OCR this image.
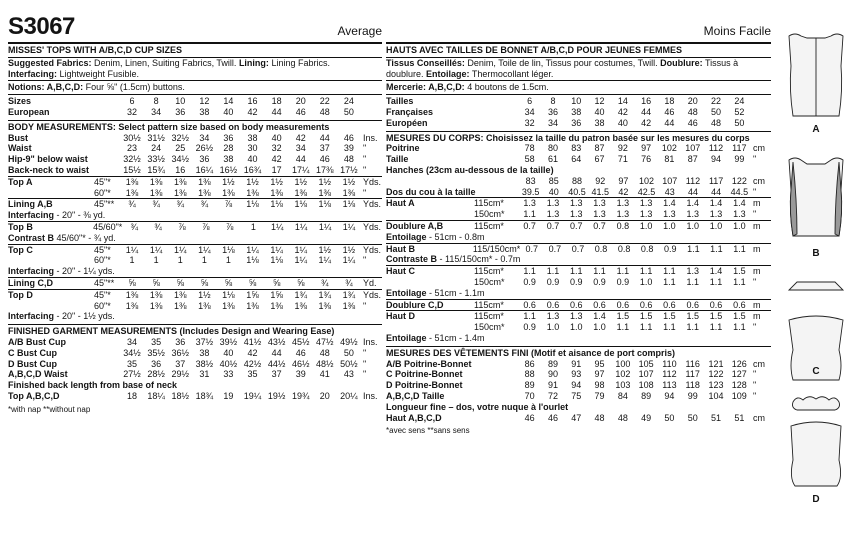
S3067	Average
MISSES' TOPS WITH A/B,C,D CUP SIZES
Suggested Fabrics: Denim, Linen, Suiting Fabrics, Twill. Lining: Lining Fabrics.
Interfacing: Lightweight Fusible.
Notions: A,B,C,D: Four ⅝" (1.5cm) buttons.
Sizes		6	8	10	12	14	16	18	20	22	24	
European		32	34	36	38	40	42	44	46	48	50	
BODY MEASUREMENTS: Select pattern size based on body measurements
Bust		30½	31½	32½	34	36	38	40	42	44	46	Ins.
Waist		23	24	25	26½	28	30	32	34	37	39	"
Hip-9" below waist		32½	33½	34½	36	38	40	42	44	46	48	"
Back-neck to waist		15½	15¾	16	16¼	16½	16¾	17	17¼	17⅜	17½	"
Top A	45"*	1⅜	1⅜	1⅜	1⅜	1½	1½	1½	1½	1½	1½	Yds.
	60"*	1⅜	1⅜	1⅜	1⅜	1⅜	1⅜	1⅜	1⅜	1⅜	1⅜	"
Lining A,B	45"**	¾	¾	¾	¾	⅞	1⅛	1⅛	1⅛	1⅛	1⅛	Yds.
Interfacing - 20" - ⅜ yd.
Top B	45/60"*	¾	¾	⅞	⅞	⅞	1	1¼	1¼	1¼	1¼	Yds.
Contrast B 45/60"* - ¾ yd.
Top C	45"*	1¼	1¼	1¼	1¼	1⅛	1¼	1¼	1¼	1½	1½	Yds.
	60"*	1	1	1	1	1	1⅛	1⅛	1¼	1¼	1¼	"
Interfacing - 20" - 1¼ yds.
Lining C,D	45"**	⅝	⅝	⅝	⅝	⅝	⅝	⅝	⅝	¾	¾	Yd.
Top D	45"*	1⅜	1⅜	1⅜	1½	1⅛	1⅝	1⅝	1¾	1¾	1¾	Yds.
	60"*	1⅜	1⅜	1⅜	1⅜	1⅜	1⅜	1⅜	1⅜	1⅜	1⅜	"
Interfacing - 20" - 1½ yds.
FINISHED GARMENT MEASUREMENTS (Includes Design and Wearing Ease)
A/B Bust Cup		34	35	36	37½	39½	41½	43½	45½	47½	49½	Ins.
C Bust Cup		34½	35½	36½	38	40	42	44	46	48	50	"
D Bust Cup		35	36	37	38½	40½	42½	44½	46½	48½	50½	"
A,B,C,D Waist		27½	28½	29½	31	33	35	37	39	41	43	"
Finished back length from base of neck
Top A,B,C,D		18	18¼	18½	18¾	19	19¼	19½	19¾	20	20¼	Ins.
*with nap **without nap
Moins Facile
HAUTS AVEC TAILLES DE BONNET A/B,C,D POUR JEUNES FEMMES
Tissus Conseillés: Denim, Toile de lin, Tissus pour costumes, Twill. Doublure: Tissus à
doublure. Entoilage: Thermocollant léger.
Mercerie: A,B,C,D: 4 boutons de 1.5cm.
Tailles		6	8	10	12	14	16	18	20	22	24	
Françaises		34	36	38	40	42	44	46	48	50	52	
Européen		32	34	36	38	40	42	44	46	48	50	
MESURES DU CORPS: Choisissez la taille du patron basée sur les mesures du corps
Poitrine		78	80	83	87	92	97	102	107	112	117	cm
Taille		58	61	64	67	71	76	81	87	94	99	"
Hanches (23cm au-dessous de la taille)
		83	85	88	92	97	102	107	112	117	122	cm
Dos du cou à la taille		39.5	40	40.5	41.5	42	42.5	43	44	44	44.5	"
Haut A	115cm*	1.3	1.3	1.3	1.3	1.3	1.3	1.4	1.4	1.4	1.4	m
	150cm*	1.1	1.3	1.3	1.3	1.3	1.3	1.3	1.3	1.3	1.3	"
Doublure A,B	115cm*	0.7	0.7	0.7	0.7	0.8	1.0	1.0	1.0	1.0	1.0	m
Entoilage - 51cm - 0.8m
Haut B	115/150cm*	0.7	0.7	0.7	0.8	0.8	0.8	0.9	1.1	1.1	1.1	m
Contraste B - 115/150cm* - 0.7m
Haut C	115cm*	1.1	1.1	1.1	1.1	1.1	1.1	1.1	1.3	1.4	1.5	m
	150cm*	0.9	0.9	0.9	0.9	0.9	1.0	1.1	1.1	1.1	1.1	"
Entoilage - 51cm - 1.1m
Doublure C,D	115cm*	0.6	0.6	0.6	0.6	0.6	0.6	0.6	0.6	0.6	0.6	m
Haut D	115cm*	1.1	1.3	1.3	1.4	1.5	1.5	1.5	1.5	1.5	1.5	m
	150cm*	0.9	1.0	1.0	1.0	1.1	1.1	1.1	1.1	1.1	1.1	"
Entoilage - 51cm - 1.4m
MESURES DES VÊTEMENTS FINI (Motif et aisance de port compris)
A/B Poitrine-Bonnet		86	89	91	95	100	105	110	116	121	126	cm
C Poitrine-Bonnet		88	90	93	97	102	107	112	117	122	127	"
D Poitrine-Bonnet		89	91	94	98	103	108	113	118	123	128	"
A,B,C,D Taille		70	72	75	79	84	89	94	99	104	109	"
Longueur fine – dos, votre nuque à l'ourlet
Haut A,B,C,D		46	46	47	48	48	49	50	50	51	51	cm
*avec sens **sans sens
A
B
C
D
